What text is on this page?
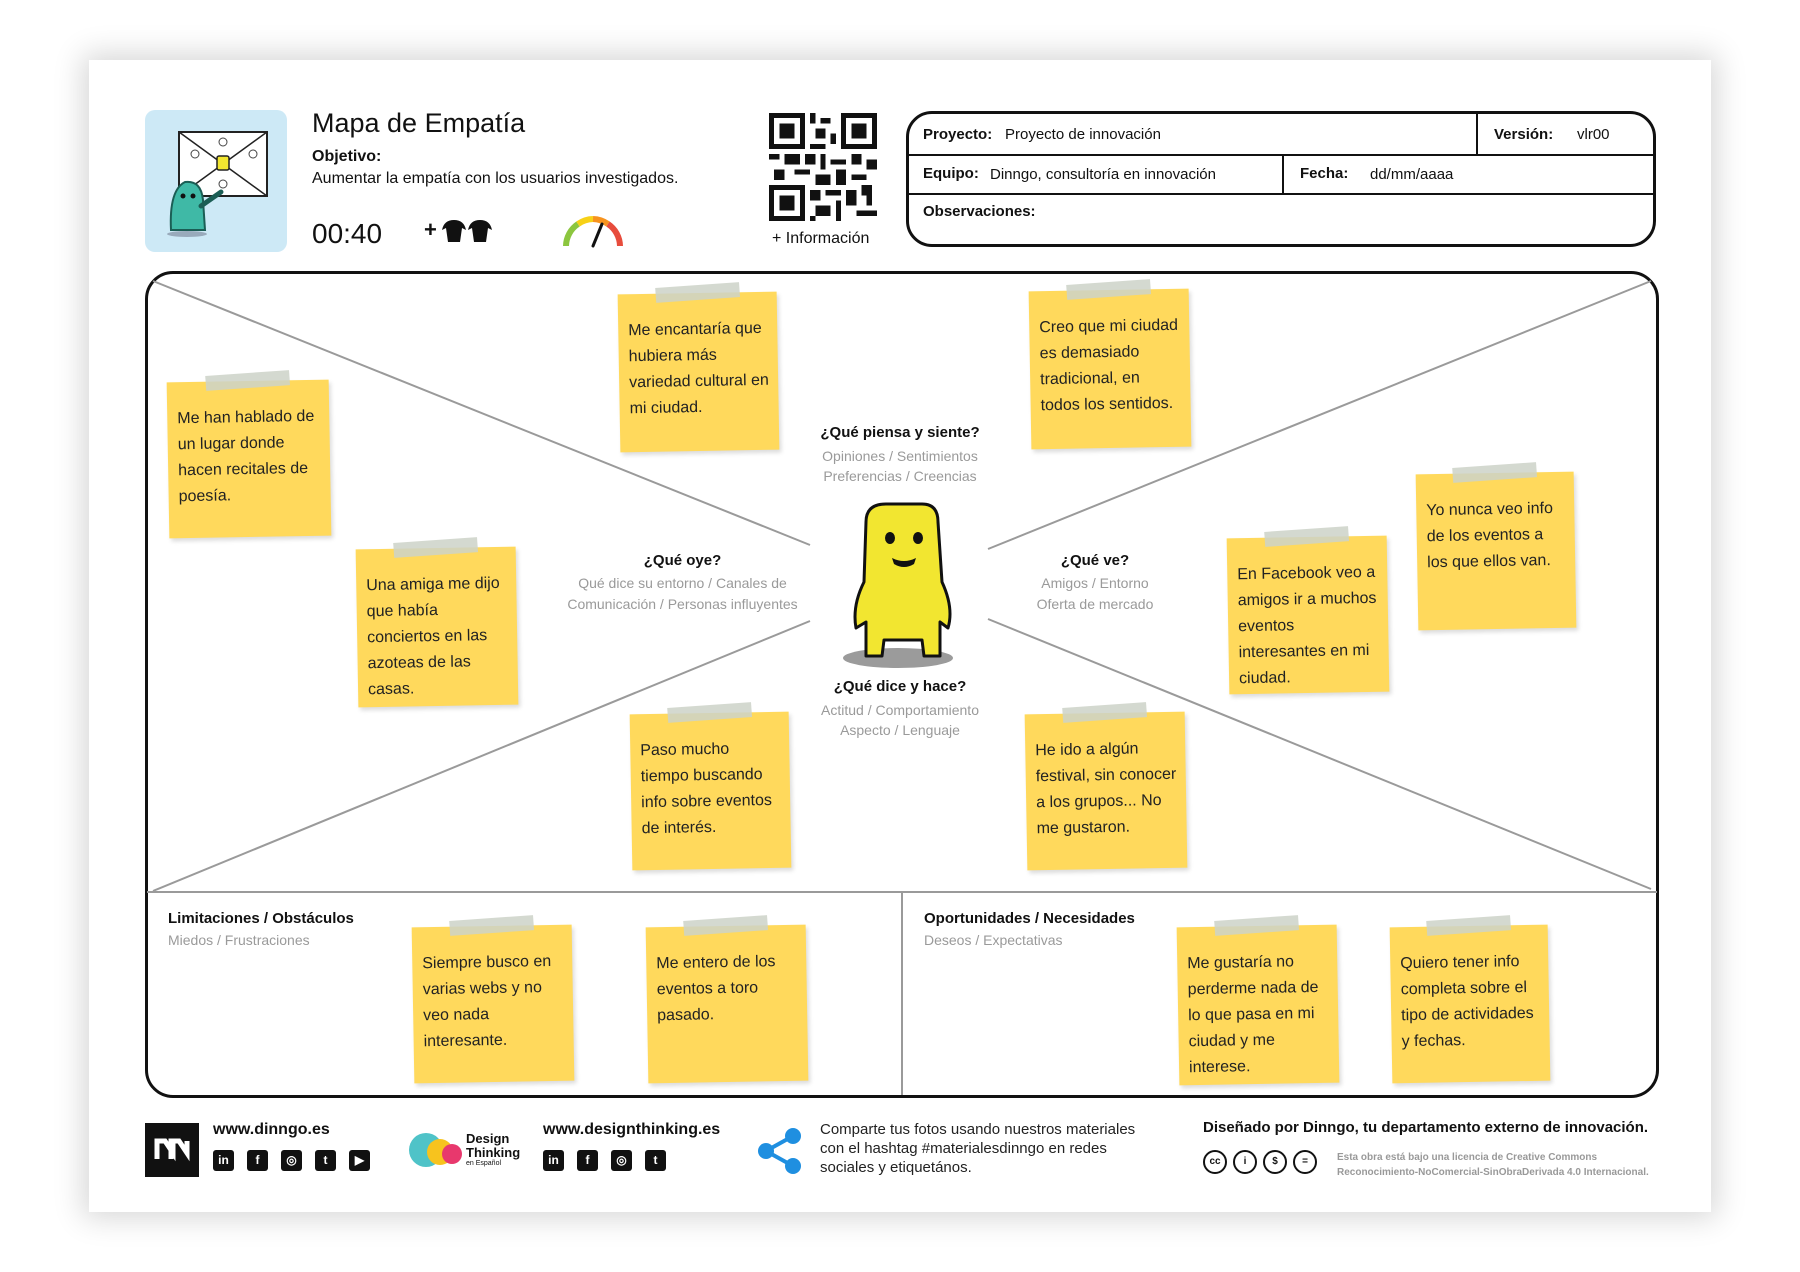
Mapa de Empatía
Objetivo:
Aumentar la empatía con los usuarios investigados.
00:40 +	+ Información
Proyecto: Proyecto de innovación	Versión: vlr00
Equipo: Dinngo, consultoría en innovación	Fecha: dd/mm/aaaa
Observaciones:
¿Qué piensa y siente?
Opiniones / Sentimientos
Preferencias / Creencias
¿Qué oye?
Qué dice su entorno / Canales de
Comunicación / Personas influyentes
¿Qué ve?
Amigos / Entorno
Oferta de mercado
¿Qué dice y hace?
Actitud / Comportamiento
Aspecto / Lenguaje
Limitaciones / Obstáculos
Miedos / Frustraciones
Oportunidades / Necesidades
Deseos / Expectativas
Me han hablado de un lugar donde hacen recitales de poesía.
Me encantaría que hubiera más variedad cultural en mi ciudad.
Creo que mi ciudad es demasiado tradicional, en todos los sentidos.
Una amiga me dijo que había conciertos en las azoteas de las casas.
Yo nunca veo info de los eventos a los que ellos van.
En Facebook veo a amigos ir a muchos eventos interesantes en mi ciudad.
Paso mucho tiempo buscando info sobre eventos de interés.
He ido a algún festival, sin conocer a los grupos... No me gustaron.
Siempre busco en varias webs y no veo nada interesante.
Me entero de los eventos a toro pasado.
Me gustaría no perderme nada de lo que pasa en mi ciudad y me interese.
Quiero tener info completa sobre el tipo de actividades y fechas.
www.dinngo.es
in	f	◎	t	▶
Design
Thinking
en Español
www.designthinking.es
in	f	◎	t
Comparte tus fotos usando nuestros materiales
con el hashtag #materialesdinngo en redes
sociales y etiquetános.
Diseñado por Dinngo, tu departamento externo de innovación.
cc	i	$	=	Esta obra está bajo una licencia de Creative Commons
Reconocimiento-NoComercial-SinObraDerivada 4.0 Internacional.
